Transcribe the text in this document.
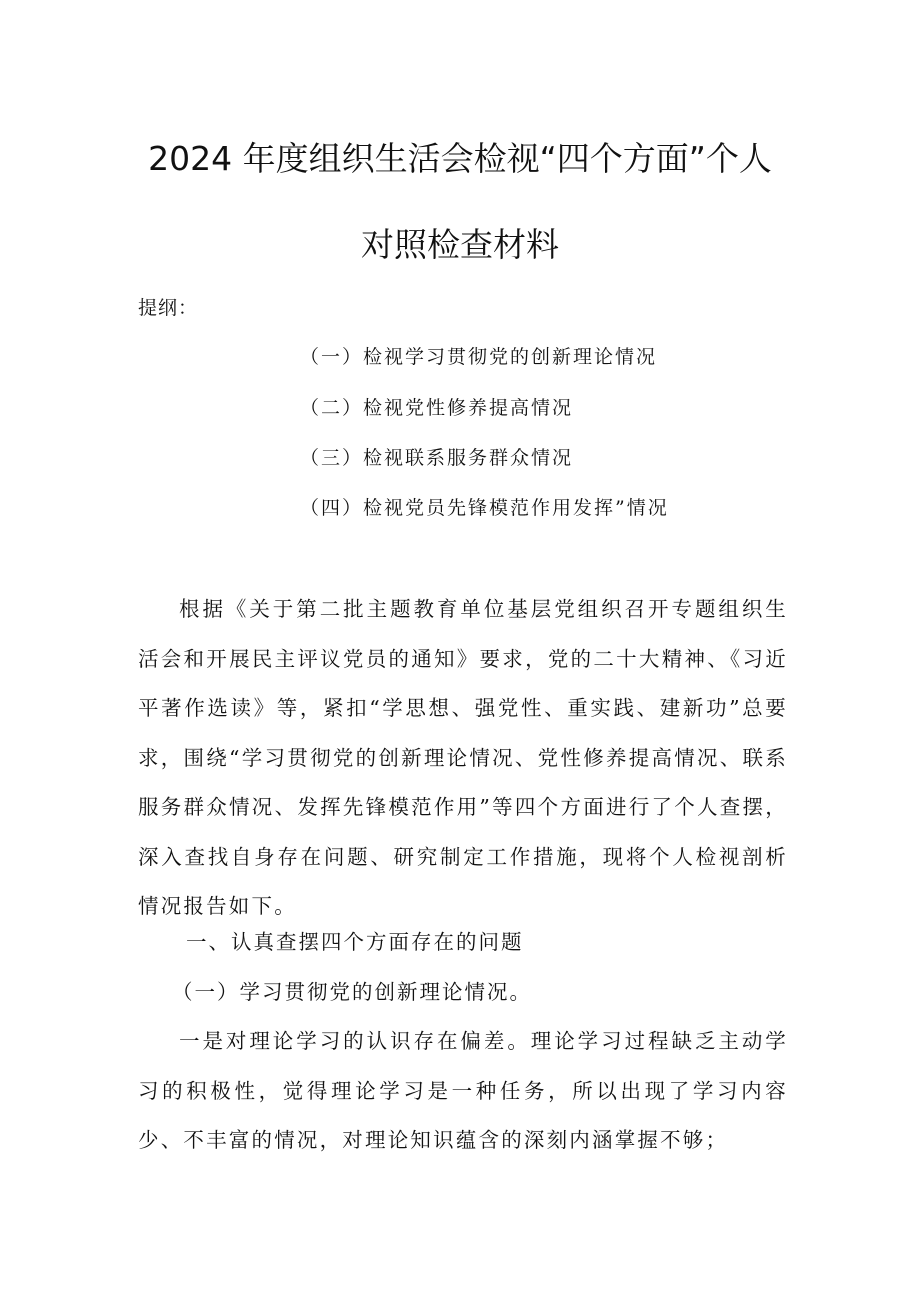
2024 年度组织生活会检视“四个方面”个人
对照检查材料
提纲：
（一）检视学习贯彻党的创新理论情况
（二）检视党性修养提高情况
（三）检视联系服务群众情况
（四）检视党员先锋模范作用发挥”情况

根据《关于第二批主题教育单位基层党组织召开专题组织生活会和开展民主评议党员的通知》要求，党的二十大精神、《习近平著作选读》等，紧扣“学思想、强党性、重实践、建新功”总要求，围绕“学习贯彻党的创新理论情况、党性修养提高情况、联系服务群众情况、发挥先锋模范作用”等四个方面进行了个人查摆，深入查找自身存在问题、研究制定工作措施，现将个人检视剖析情况报告如下。

一、认真查摆四个方面存在的问题
（一）学习贯彻党的创新理论情况。

一是对理论学习的认识存在偏差。理论学习过程缺乏主动学习的积极性，觉得理论学习是一种任务，所以出现了学习内容少、不丰富的情况，对理论知识蕴含的深刻内涵掌握不够；
